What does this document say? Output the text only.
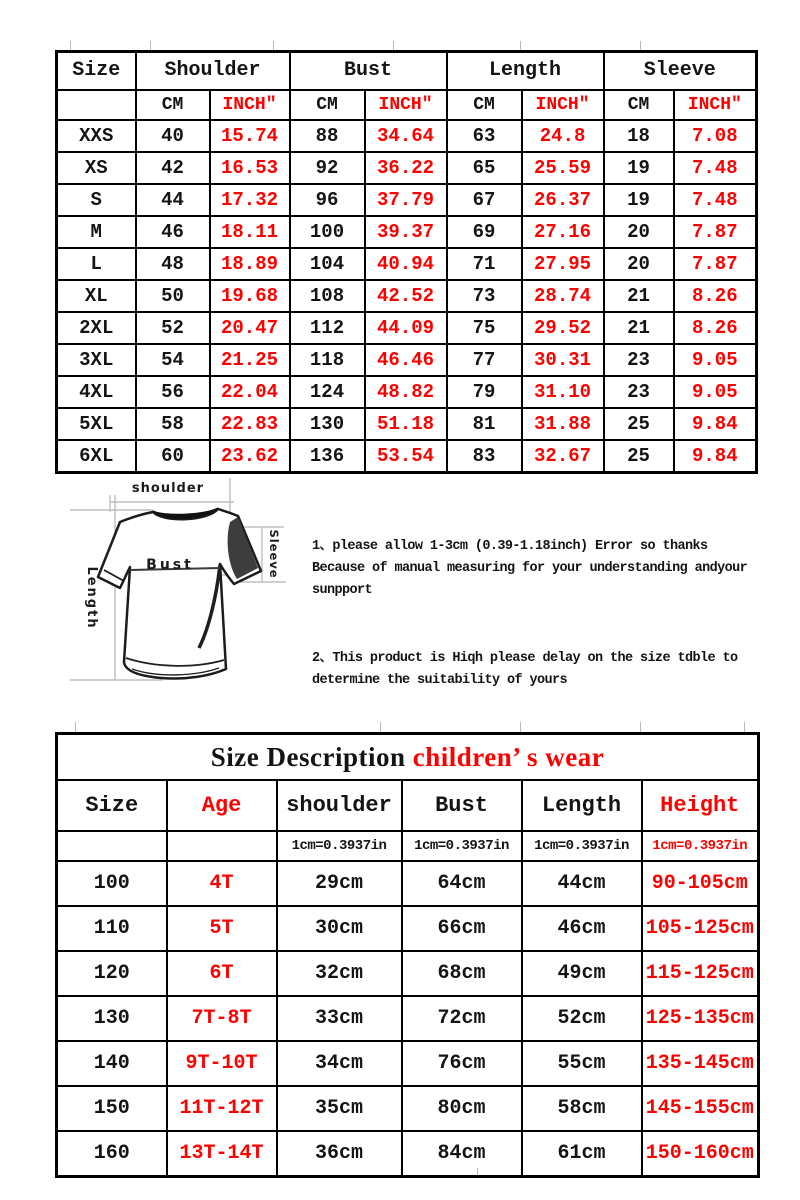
Size	Shoulder		Bust		Length		Sleeve	
	CM	INCH″	CM	INCH″	CM	INCH″	CM	INCH″
XXS	40	15.74	88	34.64	63	24.8	18	7.08
XS	42	16.53	92	36.22	65	25.59	19	7.48
S	44	17.32	96	37.79	67	26.37	19	7.48
M	46	18.11	100	39.37	69	27.16	20	7.87
L	48	18.89	104	40.94	71	27.95	20	7.87
XL	50	19.68	108	42.52	73	28.74	21	8.26
2XL	52	20.47	112	44.09	75	29.52	21	8.26
3XL	54	21.25	118	46.46	77	30.31	23	9.05
4XL	56	22.04	124	48.82	79	31.10	23	9.05
5XL	58	22.83	130	51.18	81	31.88	25	9.84
6XL	60	23.62	136	53.54	83	32.67	25	9.84
shoulder
Length
Bust	Sleeve 1、please allow 1-3cm (0.39-1.18inch) Error so thanks
Because of manual measuring for your understanding andyour
sunpport
2、This product is Hiqh please delay on the size tdble to
determine the suitability of yours
Size Description children’ s wear					
Size	Age	shoulder	Bust	Length	Height
		1cm=0.3937in	1cm=0.3937in	1cm=0.3937in	1cm=0.3937in
100	4T	29cm	64cm	44cm	90-105cm
110	5T	30cm	66cm	46cm	105-125cm
120	6T	32cm	68cm	49cm	115-125cm
130	7T-8T	33cm	72cm	52cm	125-135cm
140	9T-10T	34cm	76cm	55cm	135-145cm
150	11T-12T	35cm	80cm	58cm	145-155cm
160	13T-14T	36cm	84cm	61cm	150-160cm
